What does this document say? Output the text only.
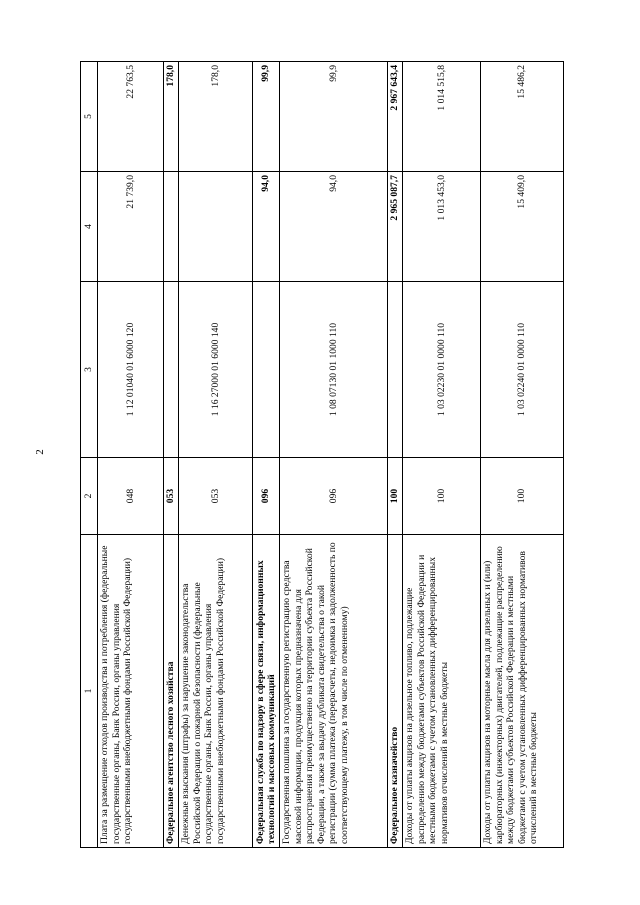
2
1	2	3	4	5
Плата за размещение отходов производства и потребления (федеральные государственные органы, Банк России, органы управления государственными внебюджетными фондами Российской Федерации)	048	1 12 01040 01 6000 120	21 739,0	22 763,5
Федеральное агентство лесного хозяйства	053			178,0
Денежные взыскания (штрафы) за нарушение законодательства Российской Федерации о пожарной безопасности (федеральные государственные органы, Банк России, органы управления государственными внебюджетными фондами Российской Федерации)	053	1 16 27000 01 6000 140		178,0
Федеральная служба по надзору в сфере связи, информационных технологий и массовых коммуникаций	096		94,0	99,9
Государственная пошлина за государственную регистрацию средства массовой информации, продукция которых предназначена для распространения преимущественно на территории субъекта Российской Федерации, а также за выдачу дубликата свидетельства о такой регистрации (сумма платежа (перерасчеты, недоимка и задолженность по соответствующему платежу, в том числе по отмененному)	096	1 08 07130 01 1000 110	94,0	99,9
Федеральное казначейство	100		2 965 087,7	2 967 643,4
Доходы от уплаты акцизов на дизельное топливо, подлежащие распределению между бюджетами субъектов Российской Федерации и местными бюджетами с учетом установленных дифференцированных нормативов отчислений в местные бюджеты	100	1 03 02230 01 0000 110	1 013 453,0	1 014 515,8
Доходы от уплаты акцизов на моторные масла для дизельных и (или) карбюраторных (инжекторных) двигателей, подлежащие распределению между бюджетами субъектов Российской Федерации и местными бюджетами с учетом установленных дифференцированных нормативов отчислений в местные бюджеты	100	1 03 02240 01 0000 110	15 409,0	15 486,2
